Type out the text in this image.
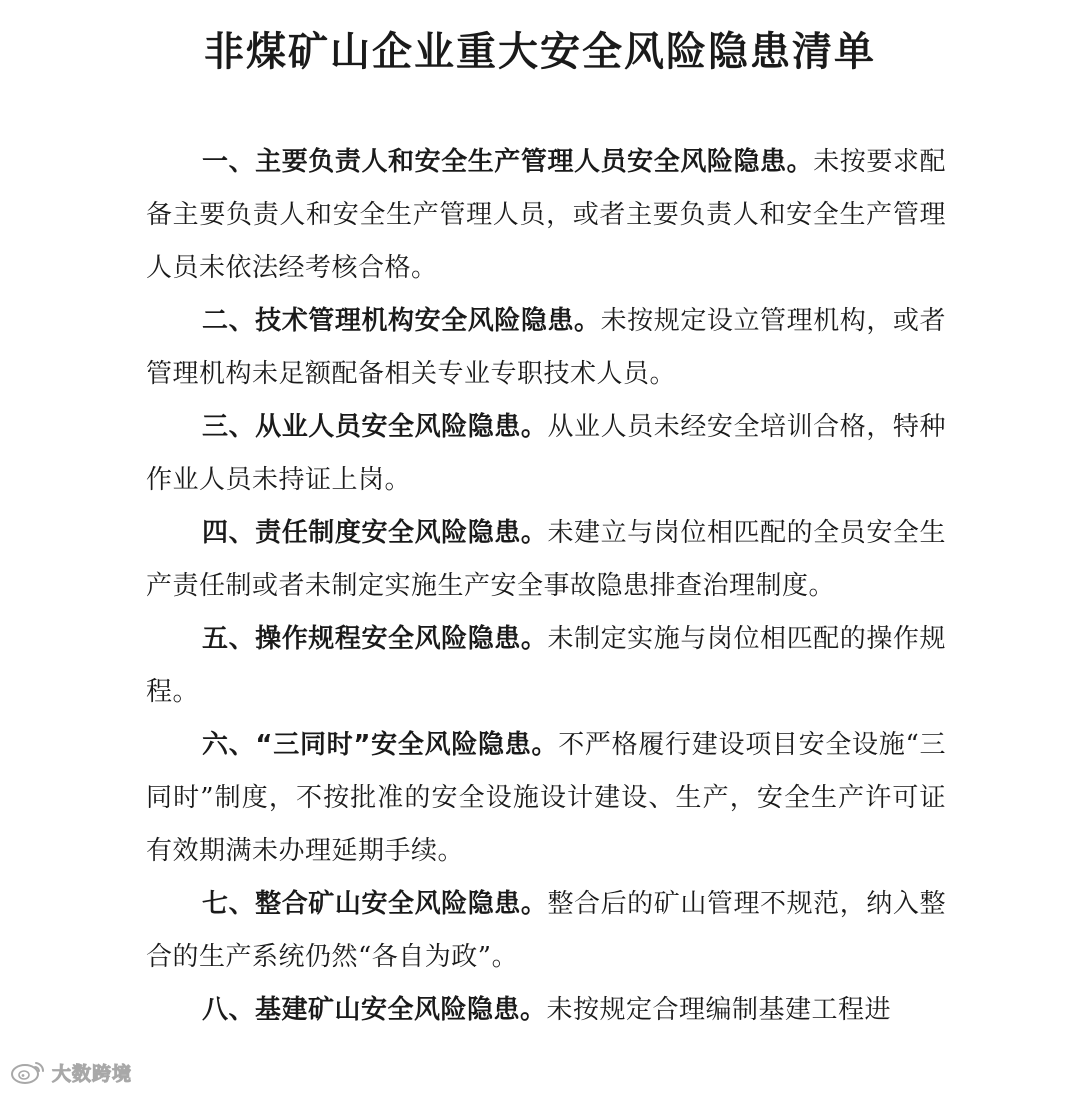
非煤矿山企业重大安全风险隐患清单

一、主要负责人和安全生产管理人员安全风险隐患。未按要求配备主要负责人和安全生产管理人员，或者主要负责人和安全生产管理人员未依法经考核合格。

二、技术管理机构安全风险隐患。未按规定设立管理机构，或者管理机构未足额配备相关专业专职技术人员。

三、从业人员安全风险隐患。从业人员未经安全培训合格，特种作业人员未持证上岗。

四、责任制度安全风险隐患。未建立与岗位相匹配的全员安全生产责任制或者未制定实施生产安全事故隐患排查治理制度。

五、操作规程安全风险隐患。未制定实施与岗位相匹配的操作规程。

六、“三同时”安全风险隐患。不严格履行建设项目安全设施“三同时”制度，不按批准的安全设施设计建设、生产，安全生产许可证有效期满未办理延期手续。

七、整合矿山安全风险隐患。整合后的矿山管理不规范，纳入整合的生产系统仍然“各自为政”。

八、基建矿山安全风险隐患。未按规定合理编制基建工程进

大数跨境
